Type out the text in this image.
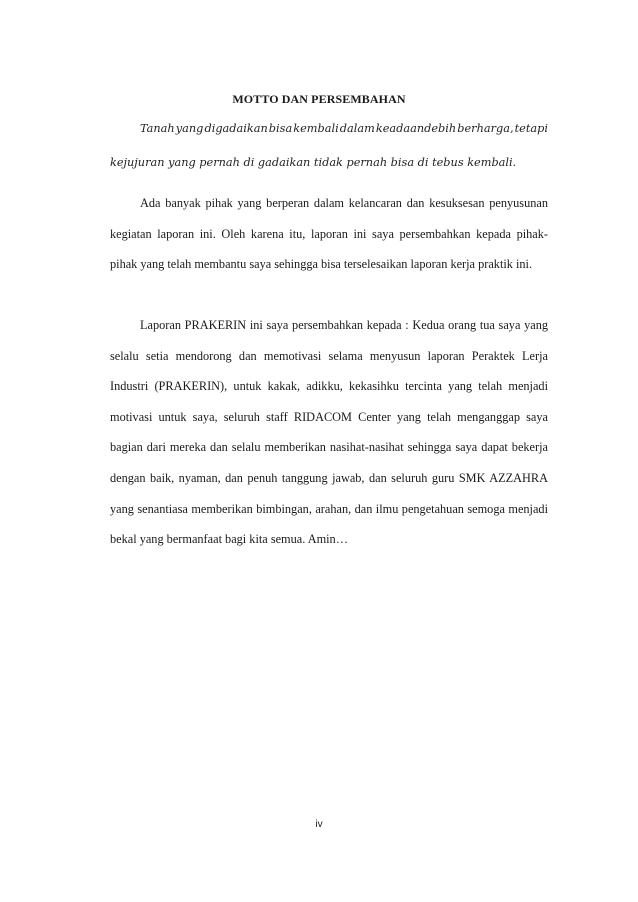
MOTTO DAN PERSEMBAHAN
Tanah yang digadaikan bisa kembali dalam keadaandebih berharga, tetapi
kejujuran yang pernah di gadaikan tidak pernah bisa di tebus kembali.

Ada banyak pihak yang berperan dalam kelancaran dan kesuksesan penyusunan kegiatan laporan ini. Oleh karena itu, laporan ini saya persembahkan kepada pihak- pihak yang telah membantu saya sehingga bisa terselesaikan laporan kerja praktik ini.

Laporan PRAKERIN ini saya persembahkan kepada : Kedua orang tua saya yang selalu setia mendorong dan memotivasi selama menyusun laporan Peraktek Lerja Industri (PRAKERIN), untuk kakak, adikku, kekasihku tercinta yang telah menjadi motivasi untuk saya, seluruh staff RIDACOM Center yang telah menganggap saya bagian dari mereka dan selalu memberikan nasihat-nasihat sehingga saya dapat bekerja dengan baik, nyaman, dan penuh tanggung jawab, dan seluruh guru SMK AZZAHRA yang senantiasa memberikan bimbingan, arahan, dan ilmu pengetahuan semoga menjadi bekal yang bermanfaat bagi kita semua. Amin…

iv
